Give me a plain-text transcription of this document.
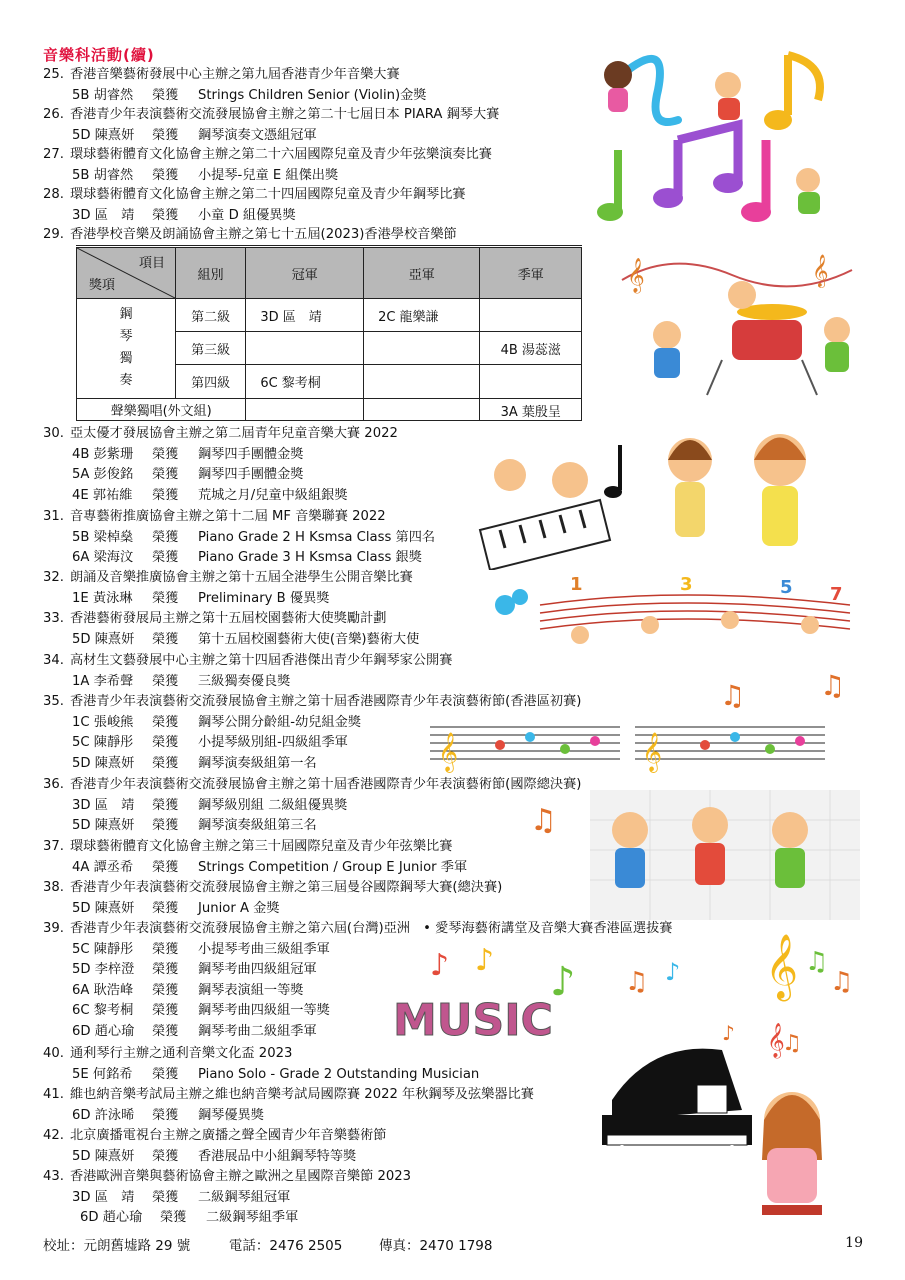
音樂科活動(續)
25. 香港音樂藝術發展中心主辦之第九屆香港青少年音樂大賽
5B 胡睿然 榮獲 Strings Children Senior (Violin)金獎
26. 香港青少年表演藝術交流發展協會主辦之第二十七屆日本 PIARA 鋼琴大賽
5D 陳熹妍 榮獲 鋼琴演奏文憑組冠軍
27. 環球藝術體育文化協會主辦之第二十六屆國際兒童及青少年弦樂演奏比賽
5B 胡睿然 榮獲 小提琴-兒童 E 組傑出獎
28. 環球藝術體育文化協會主辦之第二十四屆國際兒童及青少年鋼琴比賽
3D 區　靖 榮獲 小童 D 組優異獎
29. 香港學校音樂及朗誦協會主辦之第七十五屆(2023)香港學校音樂節
30. 亞太優才發展協會主辦之第二屆青年兒童音樂大賽 2022
4B 彭紫珊 榮獲 鋼琴四手團體金獎
5A 彭俊銘 榮獲 鋼琴四手團體金獎
4E 郭祐維 榮獲 荒城之月/兒童中級組銀獎
31. 音專藝術推廣協會主辦之第十二屆 MF 音樂聯賽 2022
5B 梁棹燊 榮獲 Piano Grade 2 H Ksmsa Class 第四名
6A 梁海汶 榮獲 Piano Grade 3 H Ksmsa Class 銀獎
32. 朗誦及音樂推廣協會主辦之第十五屆全港學生公開音樂比賽
1E 黃泳琳 榮獲 Preliminary B 優異獎
33. 香港藝術發展局主辦之第十五屆校園藝術大使獎勵計劃
5D 陳熹妍 榮獲 第十五屆校園藝術大使(音樂)藝術大使
34. 高材生文藝發展中心主辦之第十四屆香港傑出青少年鋼琴家公開賽
1A 李希聲 榮獲 三級獨奏優良獎
35. 香港青少年表演藝術交流發展協會主辦之第十屆香港國際青少年表演藝術節(香港區初賽)
1C 張峻熊 榮獲 鋼琴公開分齡組-幼兒組金獎
5C 陳靜彤 榮獲 小提琴級別組-四級組季軍
5D 陳熹妍 榮獲 鋼琴演奏級組第一名
36. 香港青少年表演藝術交流發展協會主辦之第十屆香港國際青少年表演藝術節(國際總決賽)
3D 區　靖 榮獲 鋼琴級別組 二級組優異獎
5D 陳熹妍 榮獲 鋼琴演奏級組第三名
37. 環球藝術體育文化協會主辦之第三十屆國際兒童及青少年弦樂比賽
4A 譚丞希 榮獲 Strings Competition / Group E Junior 季軍
38. 香港青少年表演藝術交流發展協會主辦之第三屆曼谷國際鋼琴大賽(總決賽)
5D 陳熹妍 榮獲 Junior A 金獎
39. 香港青少年表演藝術交流發展協會主辦之第六屆(台灣)亞洲　• 愛琴海藝術講堂及音樂大賽香港區選拔賽
5C 陳靜彤 榮獲 小提琴考曲三級組季軍
5D 李梓澄 榮獲 鋼琴考曲四級組冠軍
6A 耿浩峰 榮獲 鋼琴表演組一等獎
6C 黎考桐 榮獲 鋼琴考曲四級組一等獎
6D 趙心瑜 榮獲 鋼琴考曲二級組季軍
40. 通利琴行主辦之通利音樂文化盃 2023
5E 何銘希 榮獲 Piano Solo - Grade 2 Outstanding Musician
41. 維也納音樂考試局主辦之維也納音樂考試局國際賽 2022 年秋鋼琴及弦樂器比賽
6D 許泳晞 榮獲 鋼琴優異獎
42. 北京廣播電視台主辦之廣播之聲全國青少年音樂藝術節
5D 陳熹妍 榮獲 香港展品中小組鋼琴特等獎
43. 香港歐洲音樂與藝術協會主辦之歐洲之星國際音樂節 2023
3D 區　靖 榮獲 二級鋼琴組冠軍
6D 趙心瑜 榮獲 二級鋼琴組季軍
項目
獎項	組別	冠軍	亞軍	季軍

鋼
琴
獨
奏	第二級	3D 區　靖	2C 龍樂謙	
	第三級			4B 湯蕊滋
	第四級	6C 黎考桐		
聲樂獨唱(外文組)				3A 葉殷呈
𝄞	𝄞
1	3	5 7
♫	♫
𝄞	𝄞
♫
𝄞 ♫
♫
♫ ♪
♪ ♪ ♪
MUSIC	♪ ♫
𝄞
校址：元朗舊墟路 29 號	電話：2476 2505	傳真：2470 1798	19
